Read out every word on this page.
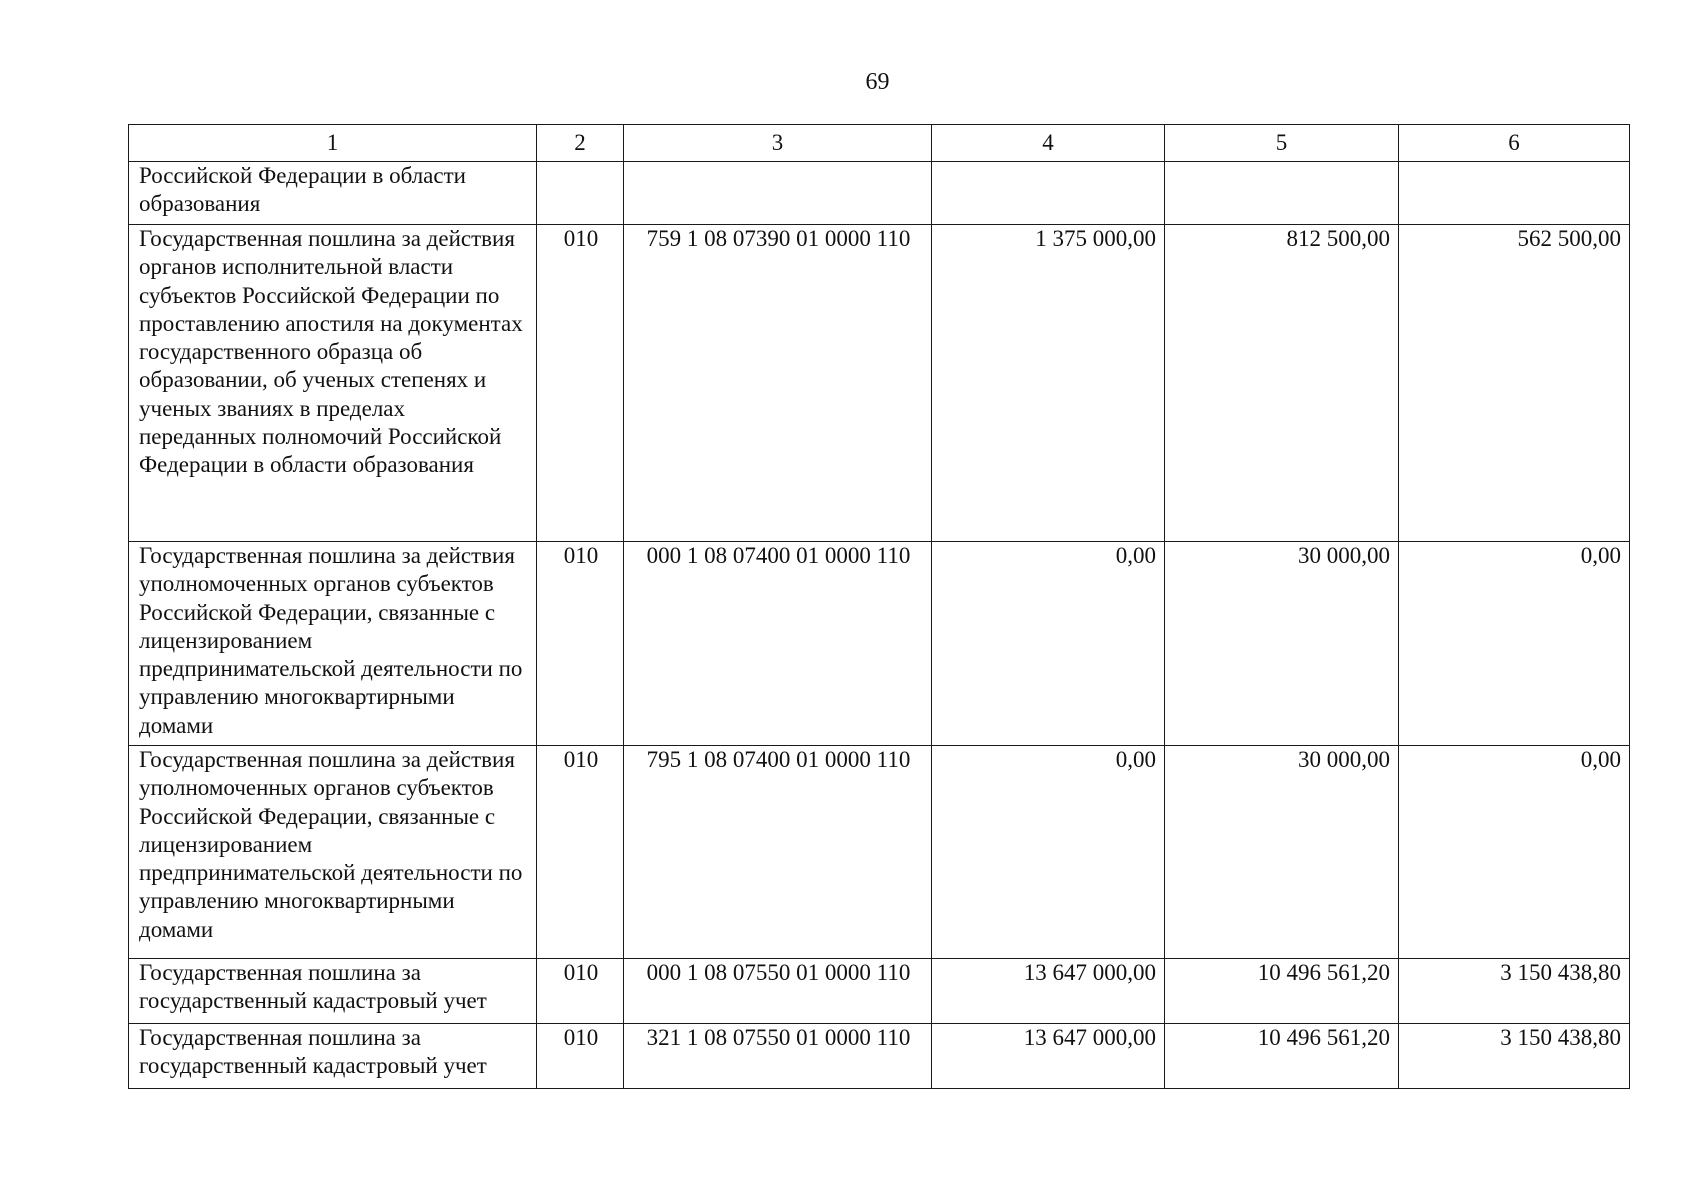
69
1	2	3	4	5	6
Российской Федерации в области образования					
Государственная пошлина за действия органов исполнительной власти субъектов Российской Федерации по проставлению апостиля на документах государственного образца об образовании, об ученых степенях и ученых званиях в пределах переданных полномочий Российской Федерации в области образования	010	759 1 08 07390 01 0000 110	1 375 000,00	812 500,00	562 500,00
Государственная пошлина за действия уполномоченных органов субъектов Российской Федерации, связанные с лицензированием предпринимательской деятельности по управлению многоквартирными домами	010	000 1 08 07400 01 0000 110	0,00	30 000,00	0,00
Государственная пошлина за действия уполномоченных органов субъектов Российской Федерации, связанные с лицензированием предпринимательской деятельности по управлению многоквартирными домами	010	795 1 08 07400 01 0000 110	0,00	30 000,00	0,00
Государственная пошлина за государственный кадастровый учет	010	000 1 08 07550 01 0000 110	13 647 000,00	10 496 561,20	3 150 438,80
Государственная пошлина за государственный кадастровый учет	010	321 1 08 07550 01 0000 110	13 647 000,00	10 496 561,20	3 150 438,80
